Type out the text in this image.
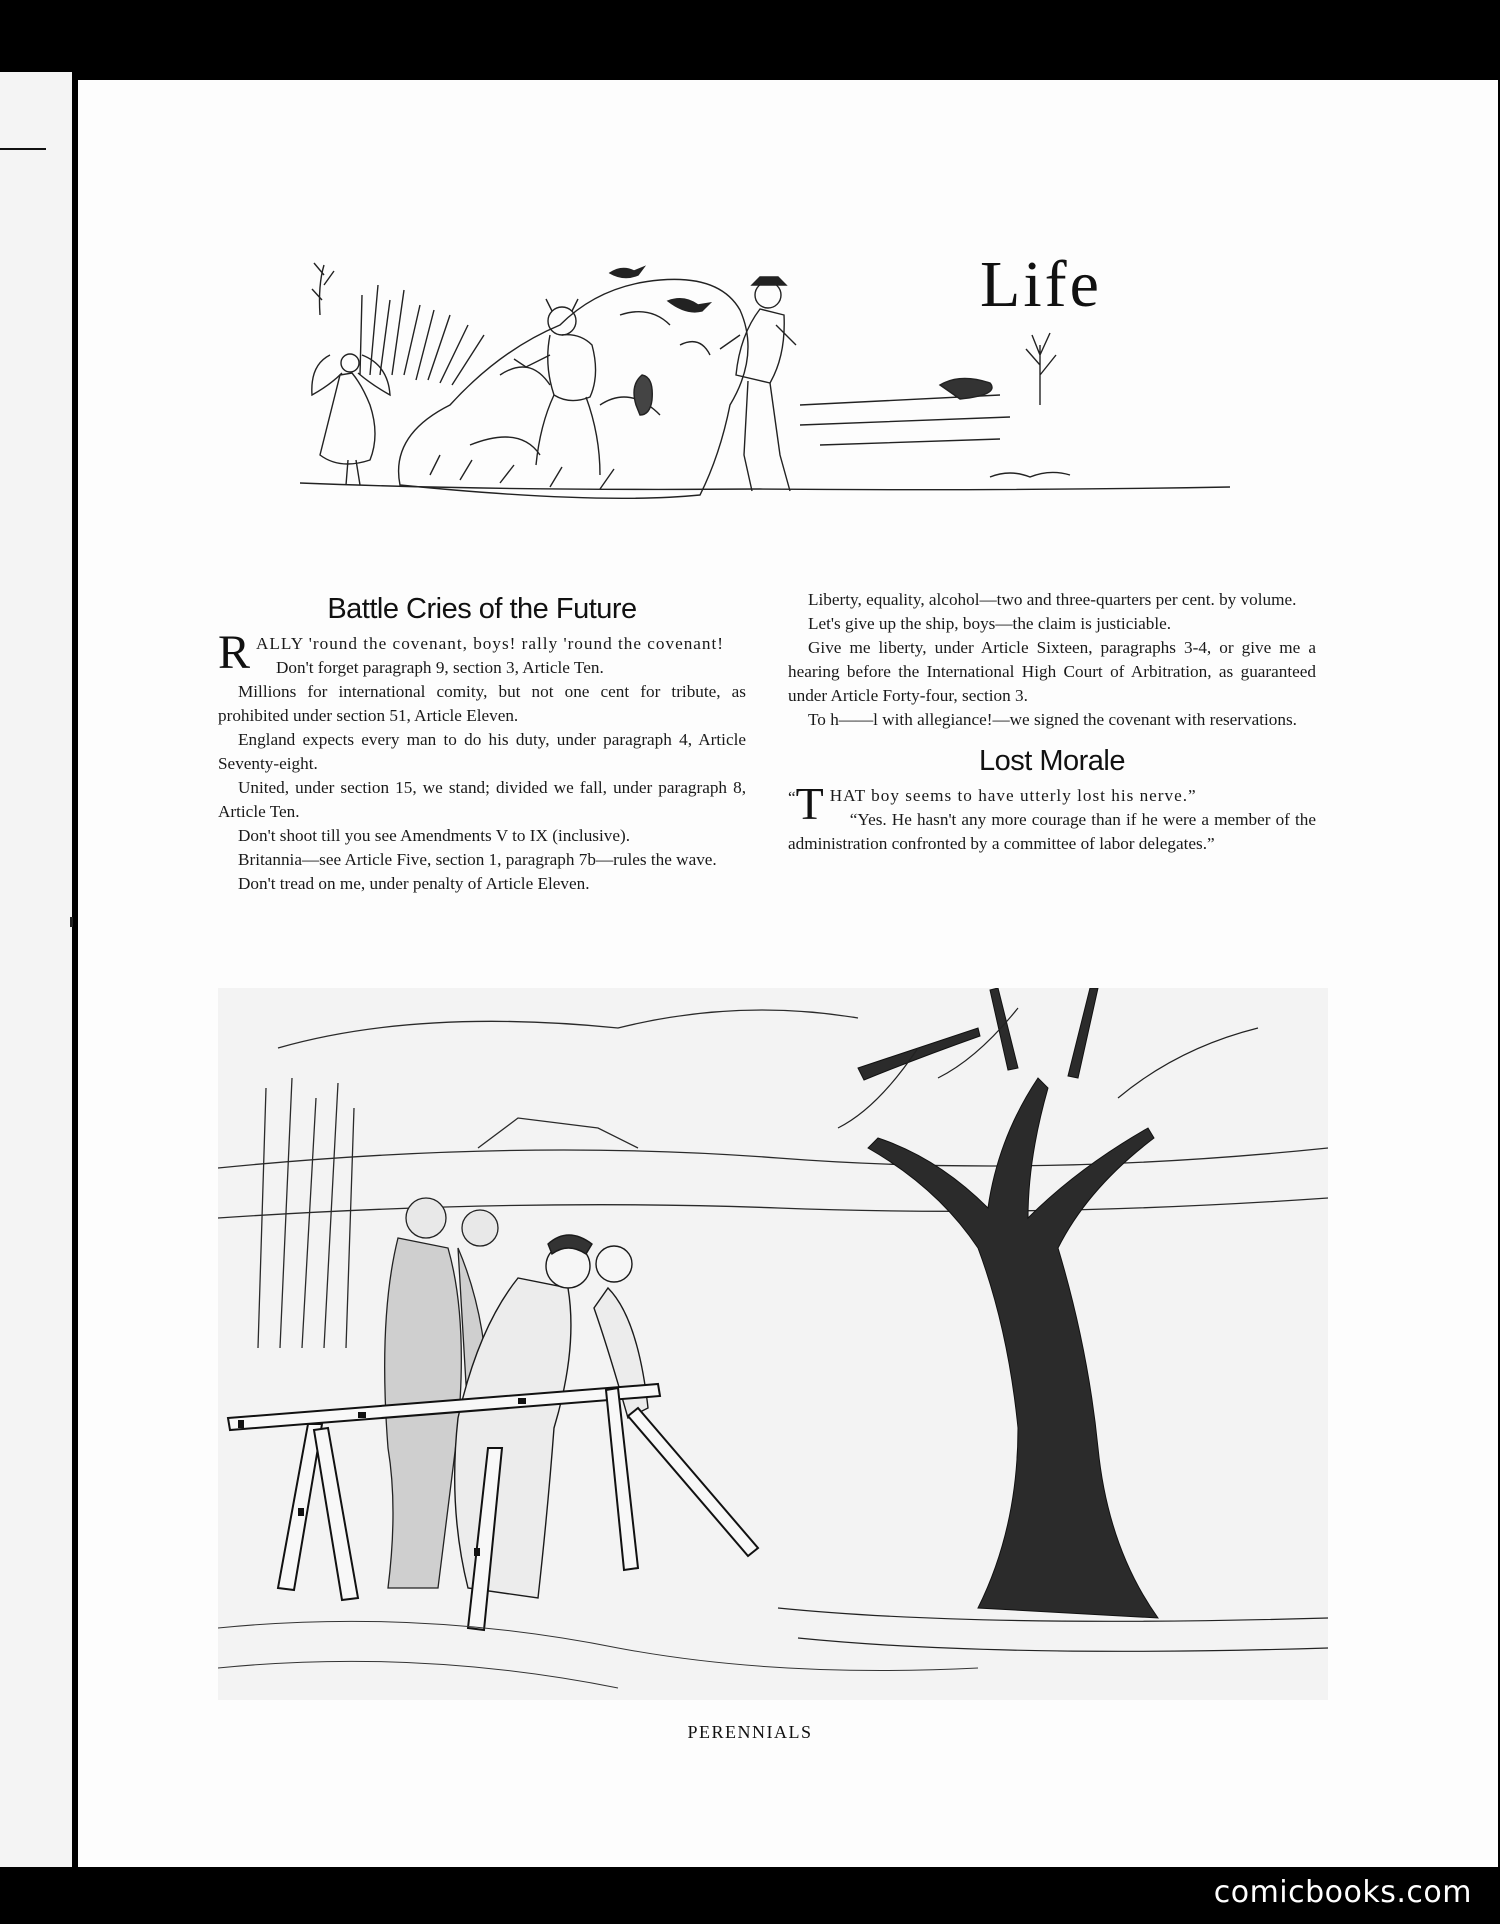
Life
Battle Cries of the Future

RALLY 'round the covenant, boys! rally 'round the covenant!

Don't forget paragraph 9, section 3, Article Ten.

Millions for international comity, but not one cent for tribute, as prohibited under section 51, Article Eleven.

England expects every man to do his duty, under paragraph 4, Article Seventy-eight.

United, under section 15, we stand; divided we fall, under paragraph 8, Article Ten.

Don't shoot till you see Amendments V to IX (inclusive).

Britannia—see Article Five, section 1, paragraph 7b—rules the wave.

Don't tread on me, under penalty of Article Eleven.

Liberty, equality, alcohol—two and three-quarters per cent. by volume.

Let's give up the ship, boys—the claim is justiciable.

Give me liberty, under Article Sixteen, paragraphs 3-4, or give me a hearing before the International High Court of Arbitration, as guaranteed under Article Forty-four, section 3.

To h——l with allegiance!—we signed the covenant with reservations.

Lost Morale

“ T HAT boy seems to have utterly lost his nerve.”

“Yes. He hasn't any more courage than if he were a member of the administration confronted by a committee of labor delegates.”

PERENNIALS

comicbooks.com
